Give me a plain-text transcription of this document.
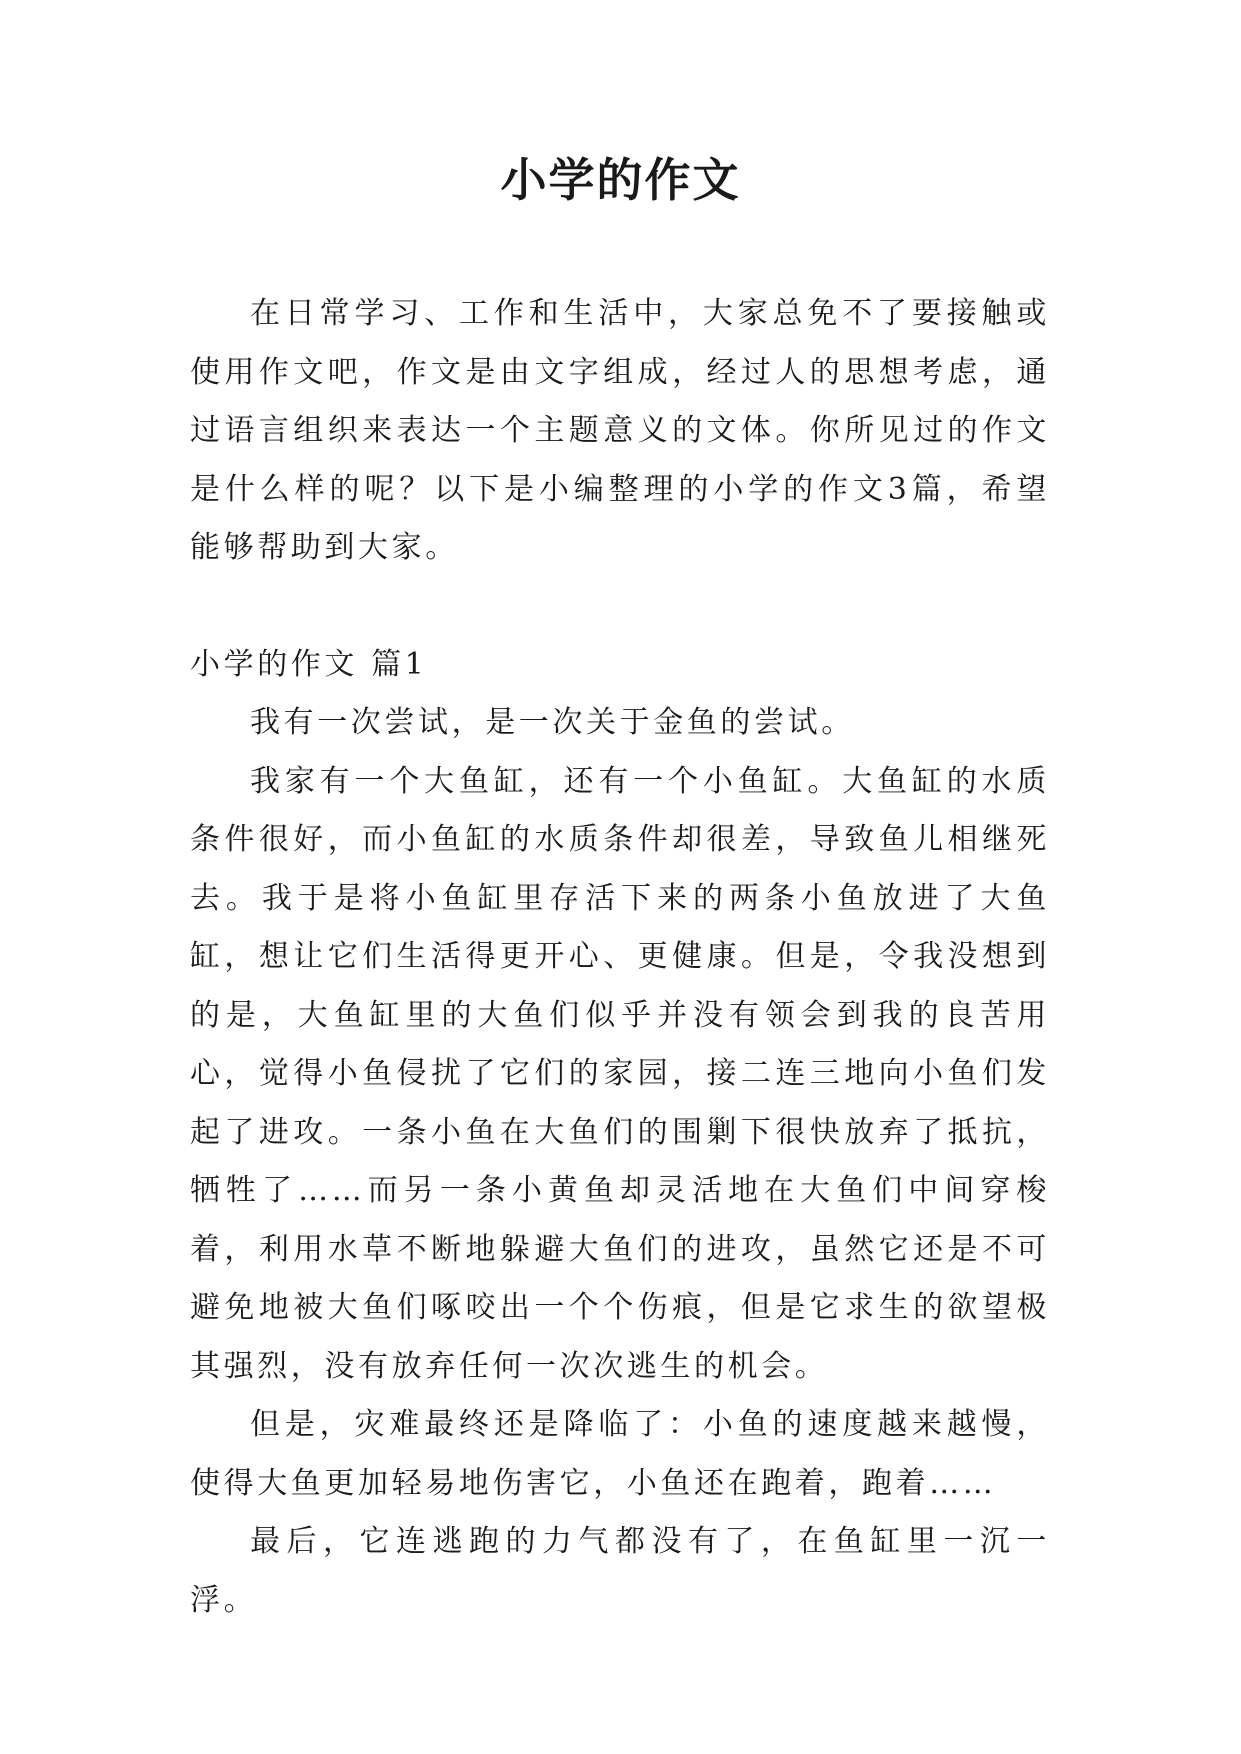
小学的作文

在日常学习、工作和生活中，大家总免不了要接触或使用作文吧，作文是由文字组成，经过人的思想考虑，通过语言组织来表达一个主题意义的文体。你所见过的作文是什么样的呢？以下是小编整理的小学的作文3篇，希望能够帮助到大家。

小学的作文 篇1

我有一次尝试，是一次关于金鱼的尝试。

我家有一个大鱼缸，还有一个小鱼缸。大鱼缸的水质条件很好，而小鱼缸的水质条件却很差，导致鱼儿相继死去。我于是将小鱼缸里存活下来的两条小鱼放进了大鱼缸，想让它们生活得更开心、更健康。但是，令我没想到的是，大鱼缸里的大鱼们似乎并没有领会到我的良苦用心，觉得小鱼侵扰了它们的家园，接二连三地向小鱼们发起了进攻。一条小鱼在大鱼们的围剿下很快放弃了抵抗，牺牲了……而另一条小黄鱼却灵活地在大鱼们中间穿梭着，利用水草不断地躲避大鱼们的进攻，虽然它还是不可避免地被大鱼们啄咬出一个个伤痕，但是它求生的欲望极其强烈，没有放弃任何一次次逃生的机会。

但是，灾难最终还是降临了：小鱼的速度越来越慢，使得大鱼更加轻易地伤害它，小鱼还在跑着，跑着……

最后，它连逃跑的力气都没有了，在鱼缸里一沉一浮。
